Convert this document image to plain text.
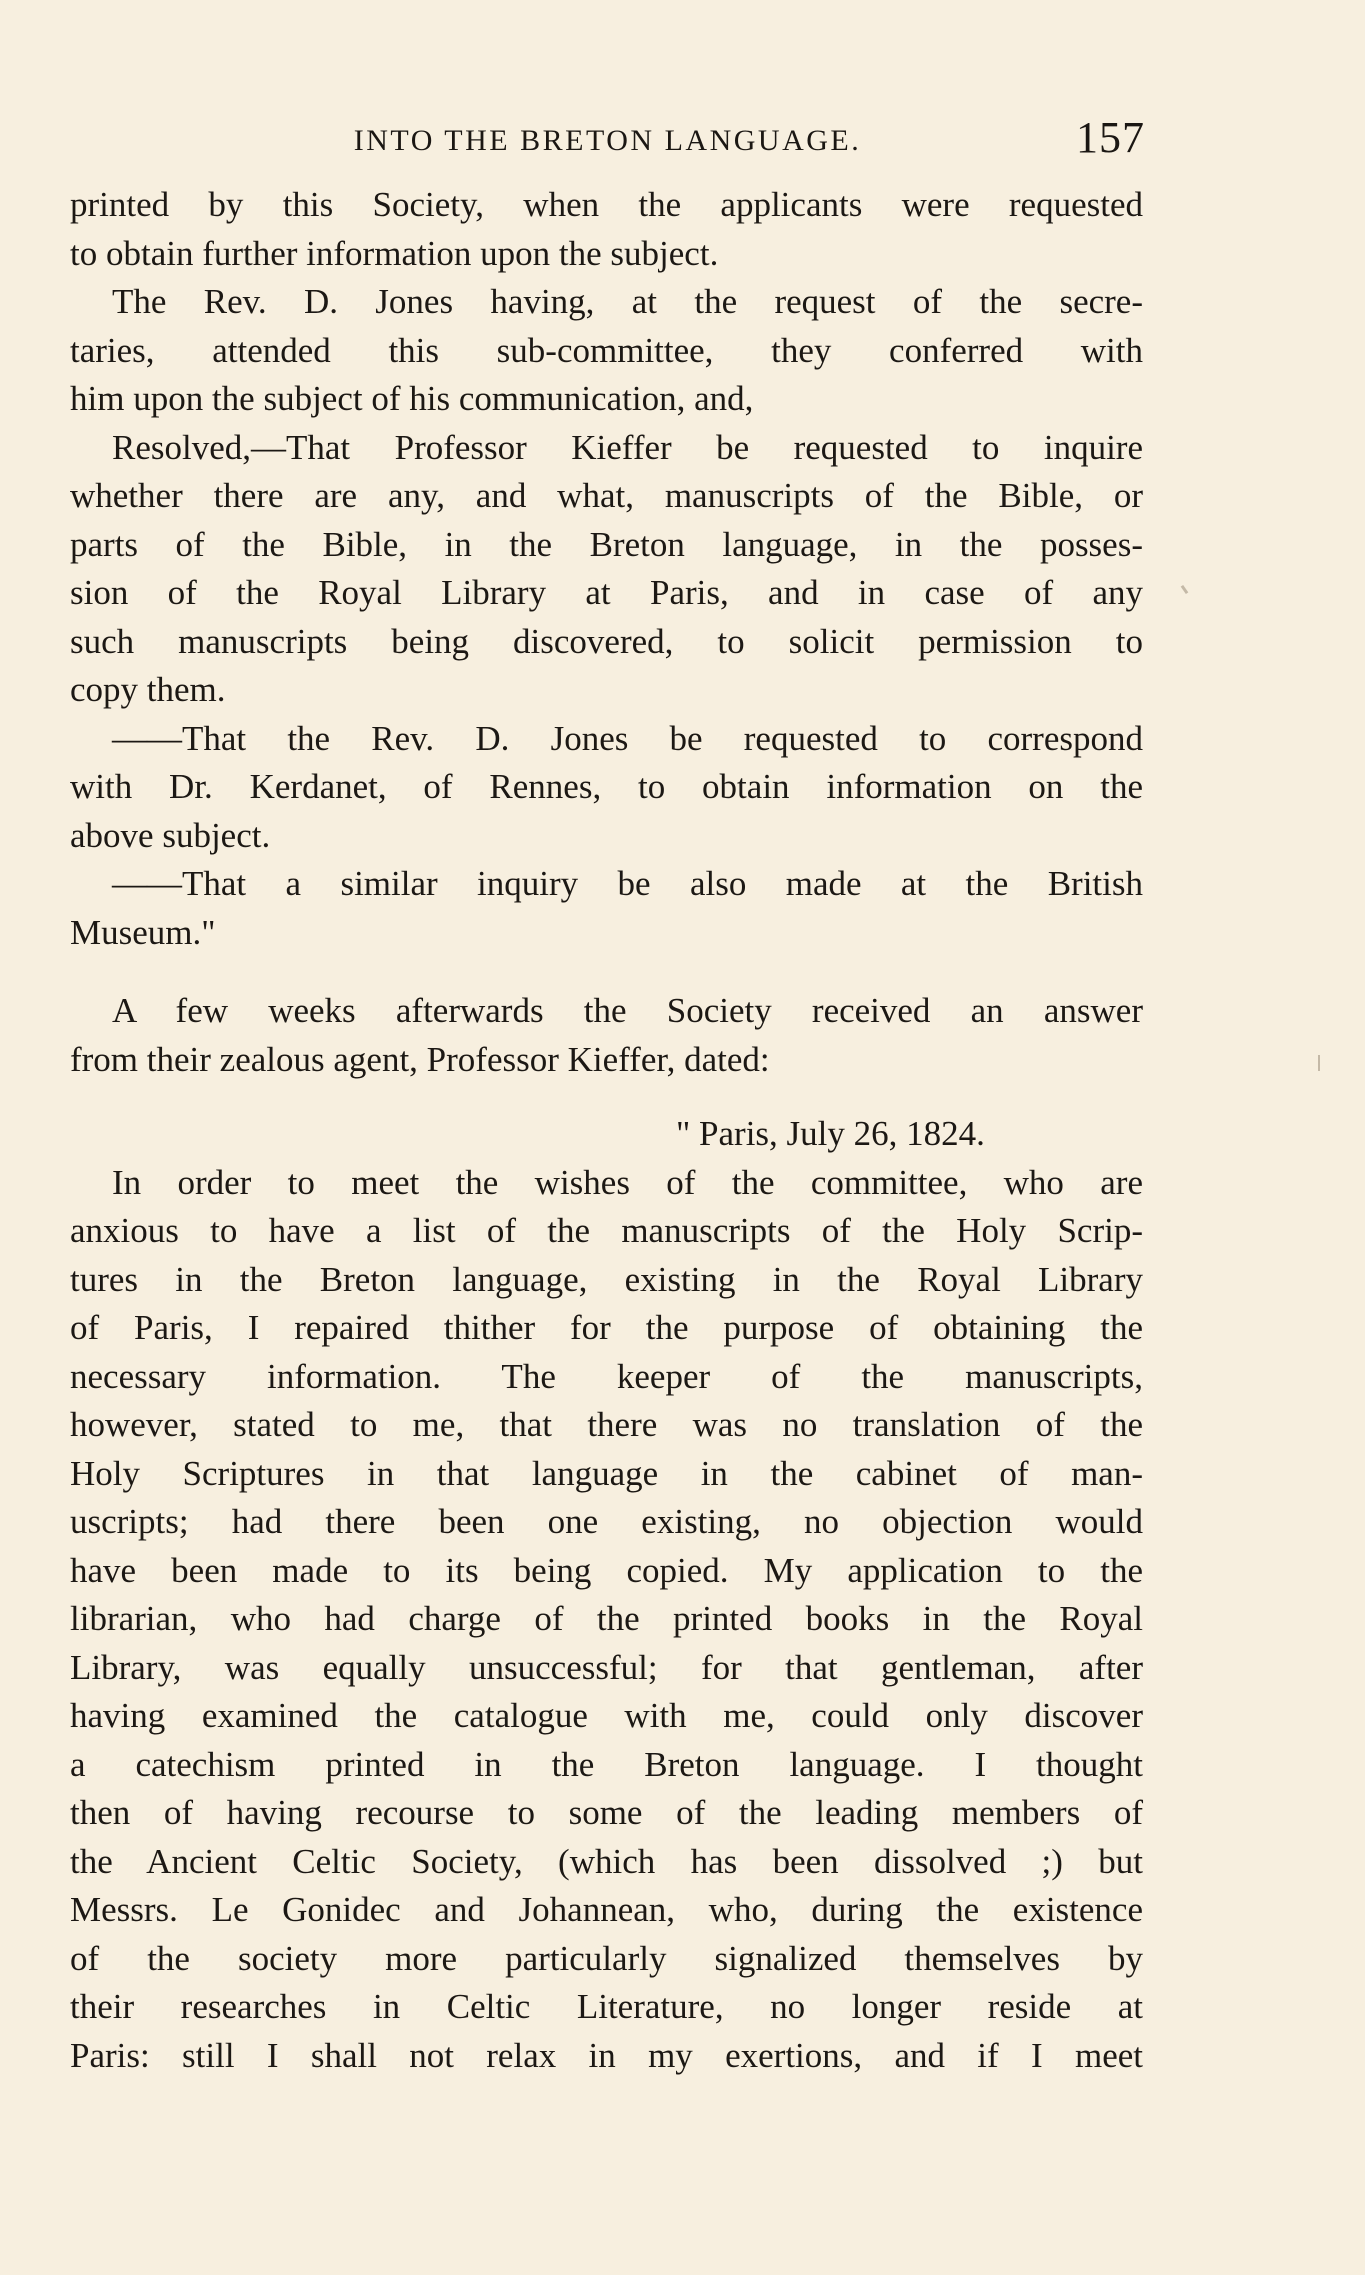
INTO THE BRETON LANGUAGE.	157
printed by this Society, when the applicants were requested
to obtain further information upon the subject.
The Rev. D. Jones having, at the request of the secre-
taries, attended this sub-committee, they conferred with
him upon the subject of his communication, and,
Resolved,—That Professor Kieffer be requested to inquire
whether there are any, and what, manuscripts of the Bible, or
parts of the Bible, in the Breton language, in the posses-
sion of the Royal Library at Paris, and in case of any
such manuscripts being discovered, to solicit permission to
copy them.
——That the Rev. D. Jones be requested to correspond
with Dr. Kerdanet, of Rennes, to obtain information on the
above subject.
——That a similar inquiry be also made at the British
Museum."
A few weeks afterwards the Society received an answer
from their zealous agent, Professor Kieffer, dated:
" Paris, July 26, 1824.
In order to meet the wishes of the committee, who are
anxious to have a list of the manuscripts of the Holy Scrip-
tures in the Breton language, existing in the Royal Library
of Paris, I repaired thither for the purpose of obtaining the
necessary information. The keeper of the manuscripts,
however, stated to me, that there was no translation of the
Holy Scriptures in that language in the cabinet of man-
uscripts; had there been one existing, no objection would
have been made to its being copied. My application to the
librarian, who had charge of the printed books in the Royal
Library, was equally unsuccessful; for that gentleman, after
having examined the catalogue with me, could only discover
a catechism printed in the Breton language. I thought
then of having recourse to some of the leading members of
the Ancient Celtic Society, (which has been dissolved ;) but
Messrs. Le Gonidec and Johannean, who, during the existence
of the society more particularly signalized themselves by
their researches in Celtic Literature, no longer reside at
Paris: still I shall not relax in my exertions, and if I meet
